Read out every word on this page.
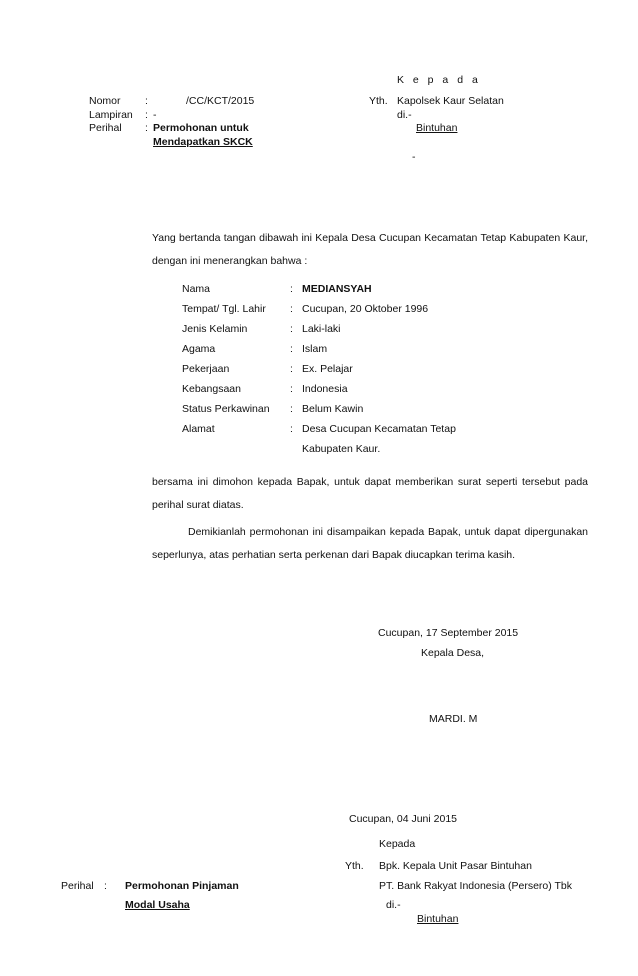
K e p a d a
Nomor :	/CC/KCT/2015
Lampiran : -
Perihal : Permohonan untuk
Mendapatkan SKCK
Yth. Kapolsek Kaur Selatan
di.-
Bintuhan
-
Yang bertanda tangan dibawah ini Kepala Desa Cucupan Kecamatan Tetap Kabupaten Kaur, dengan ini menerangkan bahwa :
Nama	: MEDIANSYAH
Tempat/ Tgl. Lahir : Cucupan, 20 Oktober 1996
Jenis Kelamin	: Laki-laki
Agama	: Islam
Pekerjaan	: Ex. Pelajar
Kebangsaan	: Indonesia
Status Perkawinan : Belum Kawin
Alamat	: Desa Cucupan Kecamatan Tetap
Kabupaten Kaur.
bersama ini dimohon kepada Bapak, untuk dapat memberikan surat seperti tersebut pada perihal surat diatas.
Demikianlah permohonan ini disampaikan kepada Bapak, untuk dapat dipergunakan seperlunya, atas perhatian serta perkenan dari Bapak diucapkan terima kasih.
Cucupan, 17 September 2015
Kepala Desa,
MARDI. M
Cucupan, 04 Juni 2015
Kepada
Yth. Bpk. Kepala Unit Pasar Bintuhan
PT. Bank Rakyat Indonesia (Persero) Tbk
di.-
Bintuhan
Perihal : Permohonan Pinjaman
Modal Usaha
